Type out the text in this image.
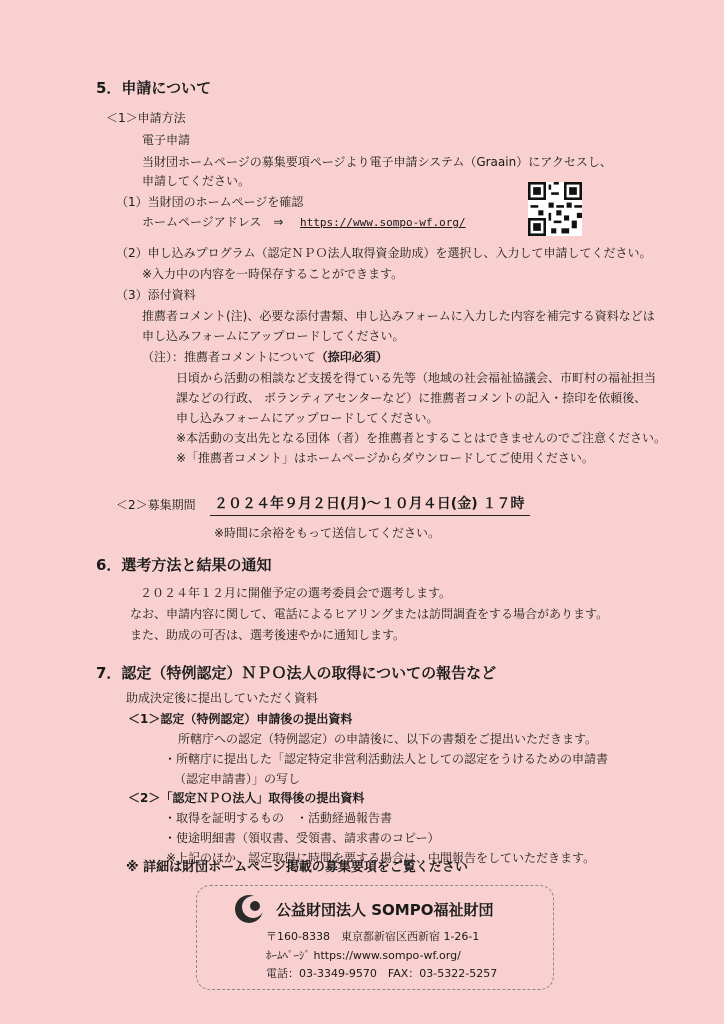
5．申請について
＜1＞申請方法
電子申請
当財団ホームページの募集要項ページより電子申請システム（Graain）にアクセスし、
申請してください。
（1）当財団のホームページを確認
ホームページアドレス　⇒ https://www.sompo-wf.org/
（2）申し込みプログラム（認定ＮＰＯ法人取得資金助成）を選択し、入力して申請してください。
※入力中の内容を一時保存することができます。
（3）添付資料
推薦者コメント(注)、必要な添付書類、申し込みフォームに入力した内容を補完する資料などは
申し込みフォームにアップロードしてください。
（注）：推薦者コメントについて（捺印必須）
日頃から活動の相談など支援を得ている先等（地域の社会福祉協議会、市町村の福祉担当
課などの行政、 ボランティアセンターなど）に推薦者コメントの記入・捺印を依頼後、
申し込みフォームにアップロードしてください。
※本活動の支出先となる団体（者）を推薦者とすることはできませんのでご注意ください。
※「推薦者コメント」はホームページからダウンロードしてご使用ください。
＜2＞募集期間 ２０２４年９月２日(月)～１０月４日(金) １７時
※時間に余裕をもって送信してください。
6．選考方法と結果の通知
２０２４年１２月に開催予定の選考委員会で選考します。
なお、申請内容に関して、電話によるヒアリングまたは訪問調査をする場合があります。
また、助成の可否は、選考後速やかに通知します。
7．認定（特例認定）ＮＰＯ法人の取得についての報告など
助成決定後に提出していただく資料
＜1＞認定（特例認定）申請後の提出資料
所轄庁への認定（特例認定）の申請後に、以下の書類をご提出いただきます。
・所轄庁に提出した「認定特定非営利活動法人としての認定をうけるための申請書
（認定申請書）」の写し
＜2＞「認定ＮＰＯ法人」取得後の提出資料
・取得を証明するもの　・活動経過報告書
・使途明細書（領収書、受領書、請求書のコピー）
※上記のほか、認定取得に時間を要する場合は、中間報告をしていただきます。
※ 詳細は財団ホームページ掲載の募集要項をご覧ください
公益財団法人 SOMPO福祉財団
〒160-8338　東京都新宿区西新宿 1-26-1
ﾎｰﾑﾍﾟｰｼﾞ https://www.sompo-wf.org/
電話：03-3349-9570　FAX：03-5322-5257
